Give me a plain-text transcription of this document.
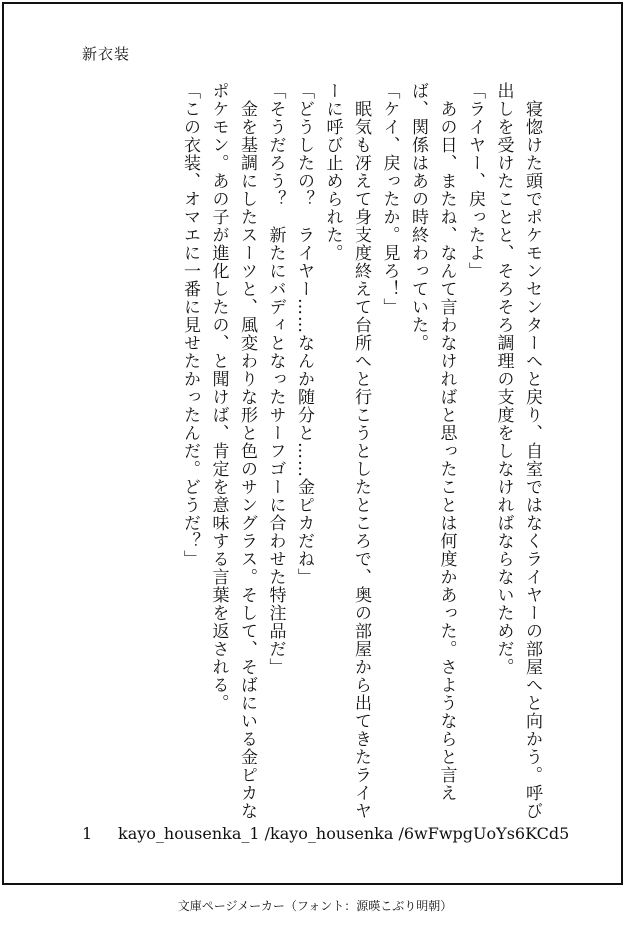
新衣装
　寝惚けた頭でポケモンセンターへと戻り、自室ではなくライヤーの部屋へと向かう。呼び出しを受けたことと、そろそろ調理の支度をしなければならないためだ。
「ライヤー、戻ったよ」
　あの日、またね、なんて言わなければと思ったことは何度かあった。さようならと言えば、関係はあの時終わっていた。
「ケイ、戻ったか。見ろ！」
　眠気も冴えて身支度終えて台所へと行こうとしたところで、奥の部屋から出てきたライヤーに呼び止められた。
「どうしたの？　ライヤー……なんか随分と……金ピカだね」
「そうだろう？　新たにバディとなったサーフゴーに合わせた特注品だ」
　金を基調にしたスーツと、風変わりな形と色のサングラス。そして、そばにいる金ピカなポケモン。あの子が進化したの、と聞けば、肯定を意味する言葉を返される。
「この衣装、オマエに一番に見せたかったんだ。どうだ？」
1 kayo_housenka_1 /kayo_housenka /6wFwpgUoYs6KCd5
文庫ページメーカー（フォント：源暎こぶり明朝）
